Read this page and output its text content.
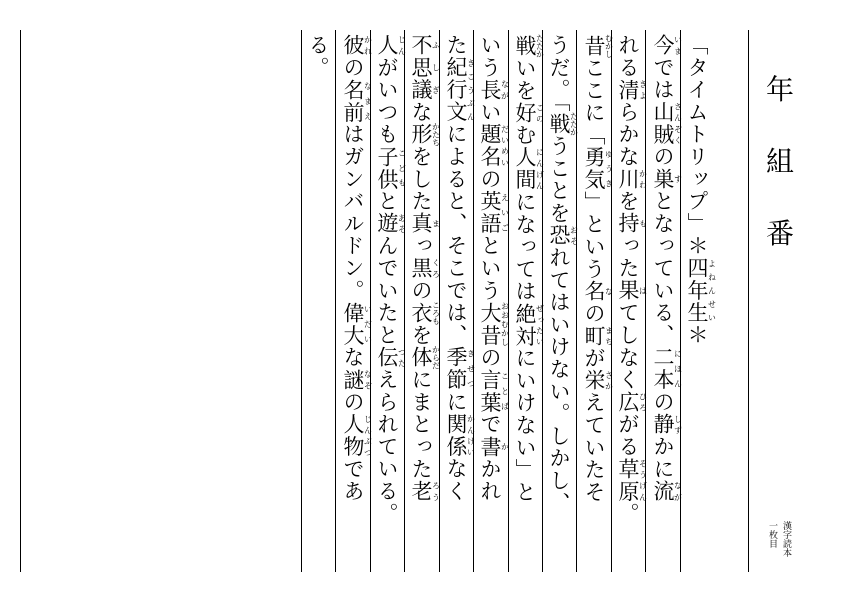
年
組
番
漢字読本
一枚目
「タイムトリップ」＊四年生よねんせい＊
今いまでは山賊さんぞくの巣すとなっている、二本にほんの静しずかに流なが
れる清きよらかな川かわを持もった果はてしなく広ひろがる草原そうげん。
昔むかしここに「勇気ゆうき」という名なの町まちが栄さかえていたそ
うだ。「戦たたかうことを恐おそれてはいけない。しかし、
戦たたかいを好このむ人間にんげんになっては絶対ぜったいにいけない」と
いう長ながい題名だいめいの英語えいごという大昔おおむかしの言葉ことばで書かかれ
た紀行文きこうぶんによると、そこでは、季節きせつに関係かんけいなく
不思議ふしぎな形かたちをした真まっ黒くろの衣ころもを体からだにまとった老ろう
人じんがいつも子供こどもと遊あそんでいたと伝つたえられている。
彼かれの名前なまえはガンバルドン。偉大いだいな謎なぞの人物じんぶつであ
る。
